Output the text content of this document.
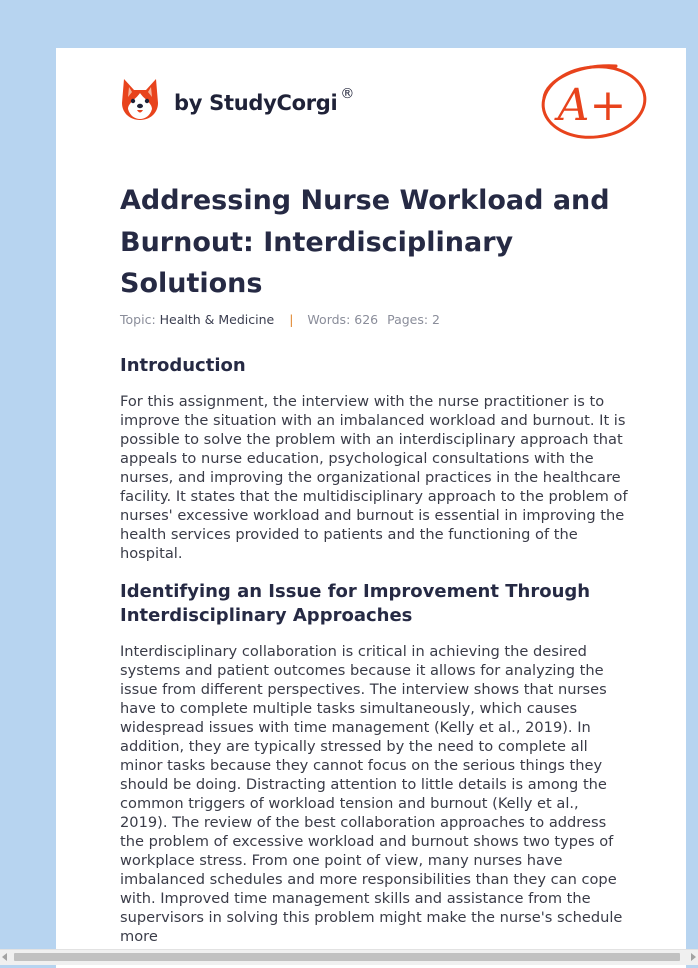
by StudyCorgi ®	A+
Addressing Nurse Workload and Burnout: Interdisciplinary Solutions
Topic: Health & Medicine | Words: 626 Pages: 2
Introduction

For this assignment, the interview with the nurse practitioner is to improve the situation with an imbalanced workload and burnout. It is possible to solve the problem with an interdisciplinary approach that appeals to nurse education, psychological consultations with the nurses, and improving the organizational practices in the healthcare facility. It states that the multidisciplinary approach to the problem of nurses' excessive workload and burnout is essential in improving the health services provided to patients and the functioning of the hospital.

Identifying an Issue for Improvement Through Interdisciplinary Approaches

Interdisciplinary collaboration is critical in achieving the desired systems and patient outcomes because it allows for analyzing the issue from different perspectives. The interview shows that nurses have to complete multiple tasks simultaneously, which causes widespread issues with time management (Kelly et al., 2019). In addition, they are typically stressed by the need to complete all minor tasks because they cannot focus on the serious things they should be doing. Distracting attention to little details is among the common triggers of workload tension and burnout (Kelly et al., 2019). The review of the best collaboration approaches to address the problem of excessive workload and burnout shows two types of workplace stress. From one point of view, many nurses have imbalanced schedules and more responsibilities than they can cope with. Improved time management skills and assistance from the supervisors in solving this problem might make the nurse's schedule more
